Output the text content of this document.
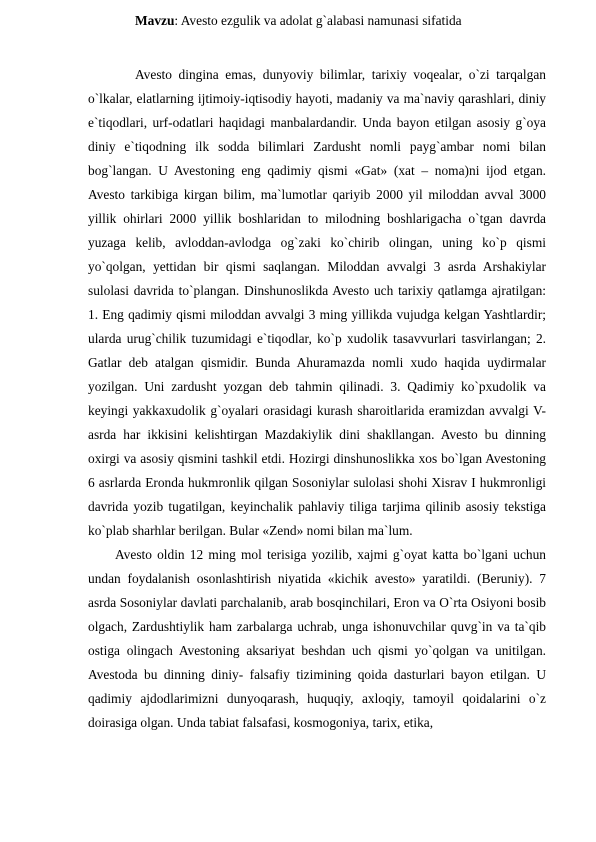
Mavzu: Avesto ezgulik va adolat g`alabasi namunasi sifatida

Avesto dingina emas, dunyoviy bilimlar, tarixiy voqealar, o`zi tarqalgan o`lkalar, elatlarning ijtimoiy-iqtisodiy hayoti, madaniy va ma`naviy qarashlari, diniy e`tiqodlari, urf-odatlari haqidagi manbalardandir. Unda bayon etilgan asosiy g`oya diniy e`tiqodning ilk sodda bilimlari Zardusht nomli payg`ambar nomi bilan bog`langan. U Avestoning eng qadimiy qismi «Gat» (xat – noma)ni ijod etgan. Avesto tarkibiga kirgan bilim, ma`lumotlar qariyib 2000 yil miloddan avval 3000 yillik ohirlari 2000 yillik boshlaridan to milodning boshlarigacha o`tgan davrda yuzaga kelib, avloddan-avlodga og`zaki ko`chirib olingan, uning ko`p qismi yo`qolgan, yettidan bir qismi saqlangan. Miloddan avvalgi 3 asrda Arshakiylar sulolasi davrida to`plangan. Dinshunoslikda Avesto uch tarixiy qatlamga ajratilgan: 1. Eng qadimiy qismi miloddan avvalgi 3 ming yillikda vujudga kelgan Yashtlardir; ularda urug`chilik tuzumidagi e`tiqodlar, ko`p xudolik tasavvurlari tasvirlangan; 2. Gatlar deb atalgan qismidir. Bunda Ahuramazda nomli xudo haqida uydirmalar yozilgan. Uni zardusht yozgan deb tahmin qilinadi. 3. Qadimiy ko`pxudolik va keyingi yakkaxudolik g`oyalari orasidagi kurash sharoitlarida eramizdan avvalgi V-asrda har ikkisini kelishtirgan Mazdakiylik dini shakllangan. Avesto bu dinning oxirgi va asosiy qismini tashkil etdi. Hozirgi dinshunoslikka xos bo`lgan Avestoning 6 asrlarda Eronda hukmronlik qilgan Sosoniylar sulolasi shohi Xisrav I hukmronligi davrida yozib tugatilgan, keyinchalik pahlaviy tiliga tarjima qilinib asosiy tekstiga ko`plab sharhlar berilgan. Bular «Zend» nomi bilan ma`lum.

Avesto oldin 12 ming mol terisiga yozilib, xajmi g`oyat katta bo`lgani uchun undan foydalanish osonlashtirish niyatida «kichik avesto» yaratildi. (Beruniy). 7 asrda Sosoniylar davlati parchalanib, arab bosqinchilari, Eron va O`rta Osiyoni bosib olgach, Zardushtiylik ham zarbalarga uchrab, unga ishonuvchilar quvg`in va ta`qib ostiga olingach Avestoning aksariyat beshdan uch qismi yo`qolgan va unitilgan. Avestoda bu dinning diniy- falsafiy tizimining qoida dasturlari bayon etilgan. U qadimiy ajdodlarimizni dunyoqarash, huquqiy, axloqiy, tamoyil qoidalarini o`z doirasiga olgan. Unda tabiat falsafasi, kosmogoniya, tarix, etika,
